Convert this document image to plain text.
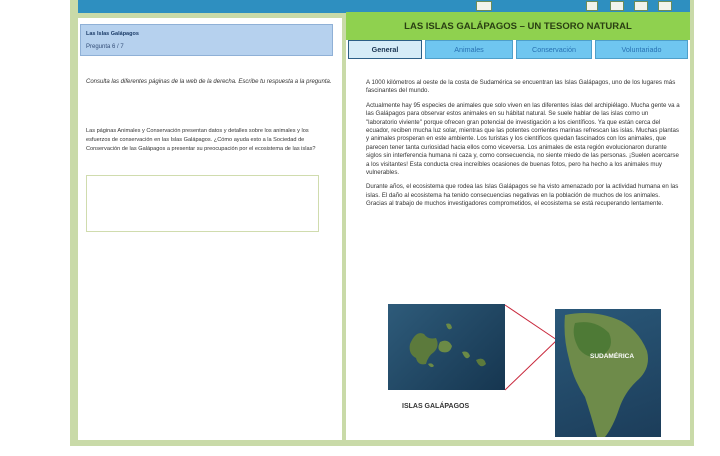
Las Islas Galápagos
Pregunta 6 / 7
Consulta las diferentes páginas de la web de la derecha. Escribe tu respuesta a la pregunta.
Las páginas Animales y Conservación presentan datos y detalles sobre los animales y los esfuerzos de conservación en las Islas Galápagos. ¿Cómo ayuda esto a la Sociedad de Conservación de las Galápagos a presentar su preocupación por el ecosistema de las islas?
LAS ISLAS GALÁPAGOS – UN TESORO NATURAL
General	Animales	Conservación	Voluntariado

A 1000 kilómetros al oeste de la costa de Sudamérica se encuentran las Islas Galápagos, uno de los lugares más fascinantes del mundo.

Actualmente hay 95 especies de animales que solo viven en las diferentes islas del archipiélago. Mucha gente va a las Galápagos para observar estos animales en su hábitat natural. Se suele hablar de las islas como un "laboratorio viviente" porque ofrecen gran potencial de investigación a los científicos. Ya que están cerca del ecuador, reciben mucha luz solar, mientras que las potentes corrientes marinas refrescan las islas. Muchas plantas y animales prosperan en este ambiente. Los turistas y los científicos quedan fascinados con los animales, que parecen tener tanta curiosidad hacia ellos como viceversa. Los animales de esta región evolucionaron durante siglos sin interferencia humana ni caza y, como consecuencia, no siente miedo de las personas. ¡Suelen acercarse a los visitantes! Esta conducta crea increíbles ocasiones de buenas fotos, pero ha hecho a los animales muy vulnerables.

Durante años, el ecosistema que rodea las Islas Galápagos se ha visto amenazado por la actividad humana en las islas. El daño al ecosistema ha tenido consecuencias negativas en la población de muchos de los animales. Gracias al trabajo de muchos investigadores comprometidos, el ecosistema se está recuperando lentamente.

ISLAS GALÁPAGOS
SUDAMÉRICA
